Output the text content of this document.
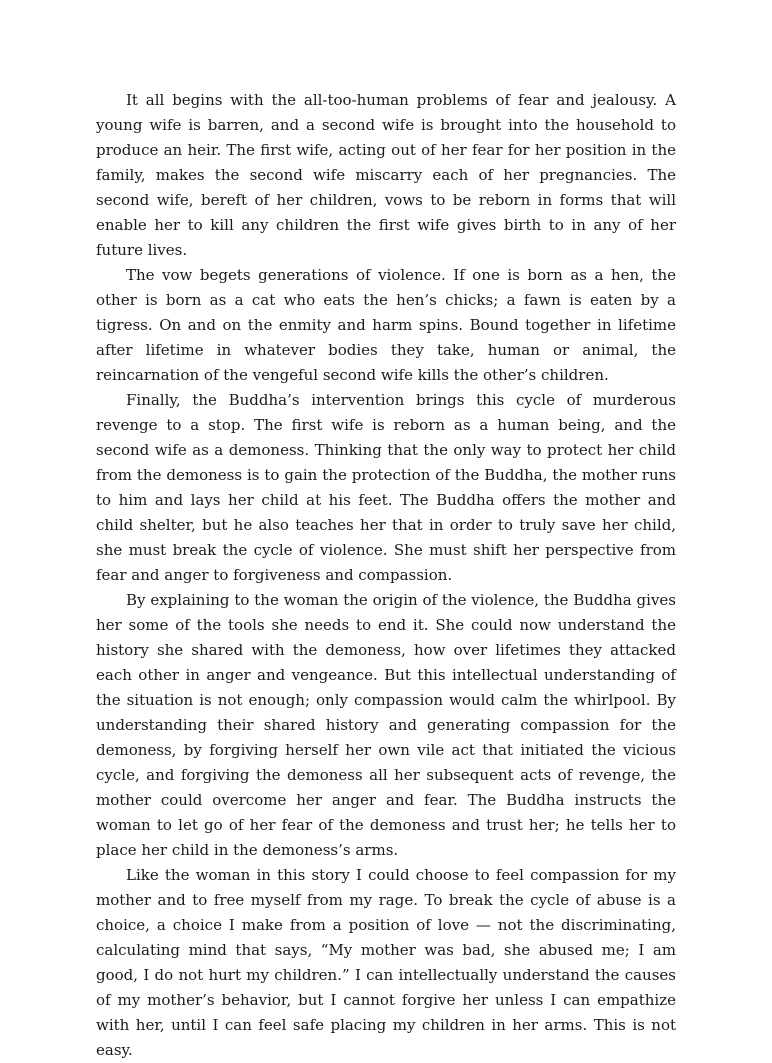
It all begins with the all-too-human problems of fear and jealousy. A young wife is barren, and a second wife is brought into the household to produce an heir. The first wife, acting out of her fear for her position in the family, makes the second wife miscarry each of her pregnancies. The second wife, bereft of her children, vows to be reborn in forms that will enable her to kill any children the first wife gives birth to in any of her future lives.

The vow begets generations of violence. If one is born as a hen, the other is born as a cat who eats the hen’s chicks; a fawn is eaten by a tigress. On and on the enmity and harm spins. Bound together in lifetime after lifetime in whatever bodies they take, human or animal, the reincarnation of the vengeful second wife kills the other’s children.

Finally, the Buddha’s intervention brings this cycle of murderous revenge to a stop. The first wife is reborn as a human being, and the second wife as a demoness. Thinking that the only way to protect her child from the demoness is to gain the protection of the Buddha, the mother runs to him and lays her child at his feet. The Buddha offers the mother and child shelter, but he also teaches her that in order to truly save her child, she must break the cycle of violence. She must shift her perspective from fear and anger to forgiveness and compassion.

By explaining to the woman the origin of the violence, the Buddha gives her some of the tools she needs to end it. She could now understand the history she shared with the demoness, how over lifetimes they attacked each other in anger and vengeance. But this intellectual understanding of the situation is not enough; only compassion would calm the whirlpool. By understanding their shared history and generating compassion for the demoness, by forgiving herself her own vile act that initiated the vicious cycle, and forgiving the demoness all her subsequent acts of revenge, the mother could overcome her anger and fear. The Buddha instructs the woman to let go of her fear of the demoness and trust her; he tells her to place her child in the demoness’s arms.

Like the woman in this story I could choose to feel compassion for my mother and to free myself from my rage. To break the cycle of abuse is a choice, a choice I make from a position of love — not the discriminating, calculating mind that says, “My mother was bad, she abused me; I am good, I do not hurt my children.” I can intellectually understand the causes of my mother’s behavior, but I cannot forgive her unless I can empathize with her, until I can feel safe placing my children in her arms. This is not easy.
